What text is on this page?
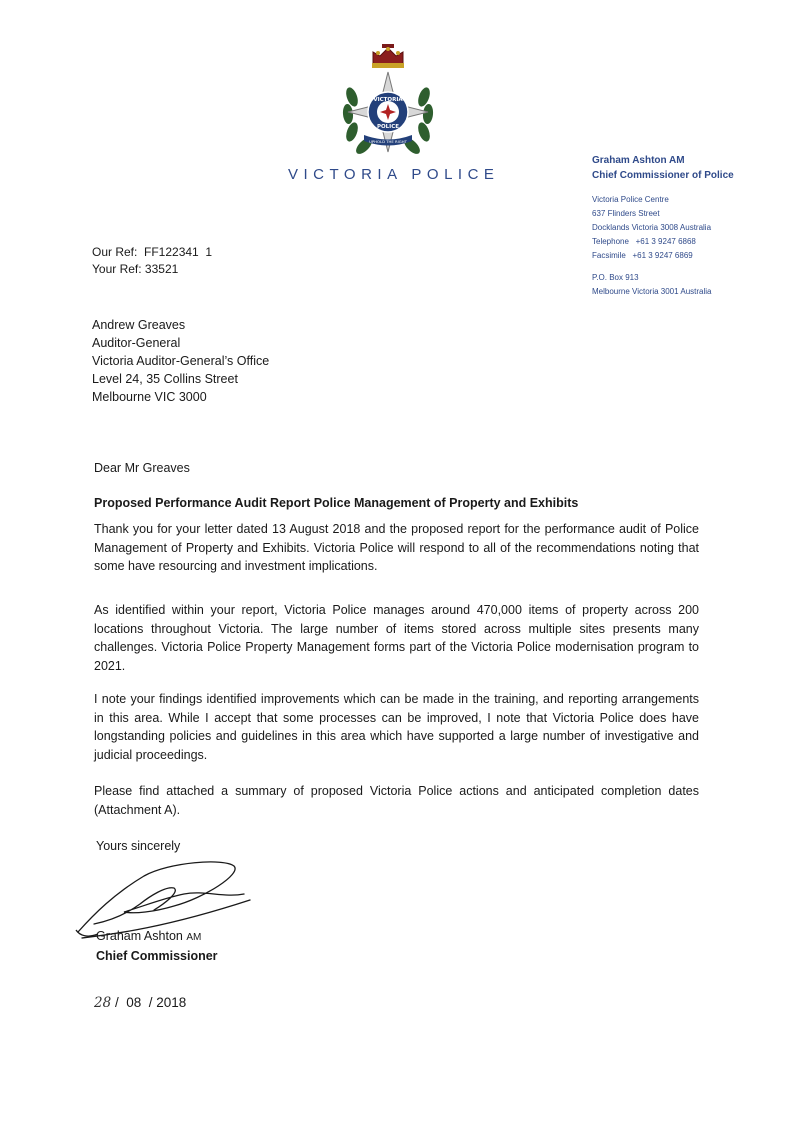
VICTORIA
POLICE
UPHOLD THE RIGHT
VICTORIA POLICE
Graham Ashton AM
Chief Commissioner of Police
Victoria Police Centre
637 Flinders Street
Docklands Victoria 3008 Australia
Telephone   +61 3 9247 6868
Facsimile   +61 3 9247 6869
P.O. Box 913
Melbourne Victoria 3001 Australia
Our Ref:  FF122341  1
Your Ref: 33521
Andrew Greaves
Auditor-General
Victoria Auditor-General’s Office
Level 24, 35 Collins Street
Melbourne VIC 3000
Dear Mr Greaves
Proposed Performance Audit Report Police Management of Property and Exhibits

Thank you for your letter dated 13 August 2018 and the proposed report for the performance audit of Police Management of Property and Exhibits. Victoria Police will respond to all of the recommendations noting that some have resourcing and investment implications.

As identified within your report, Victoria Police manages around 470,000 items of property across 200 locations throughout Victoria. The large number of items stored across multiple sites presents many challenges. Victoria Police Property Management forms part of the Victoria Police modernisation program to 2021.

I note your findings identified improvements which can be made in the training, and reporting arrangements in this area. While I accept that some processes can be improved, I note that Victoria Police does have longstanding policies and guidelines in this area which have supported a large number of investigative and judicial proceedings.

Please find attached a summary of proposed Victoria Police actions and anticipated completion dates (Attachment A).

Yours sincerely
Graham Ashton AM
Chief Commissioner
28 /  08  / 2018
